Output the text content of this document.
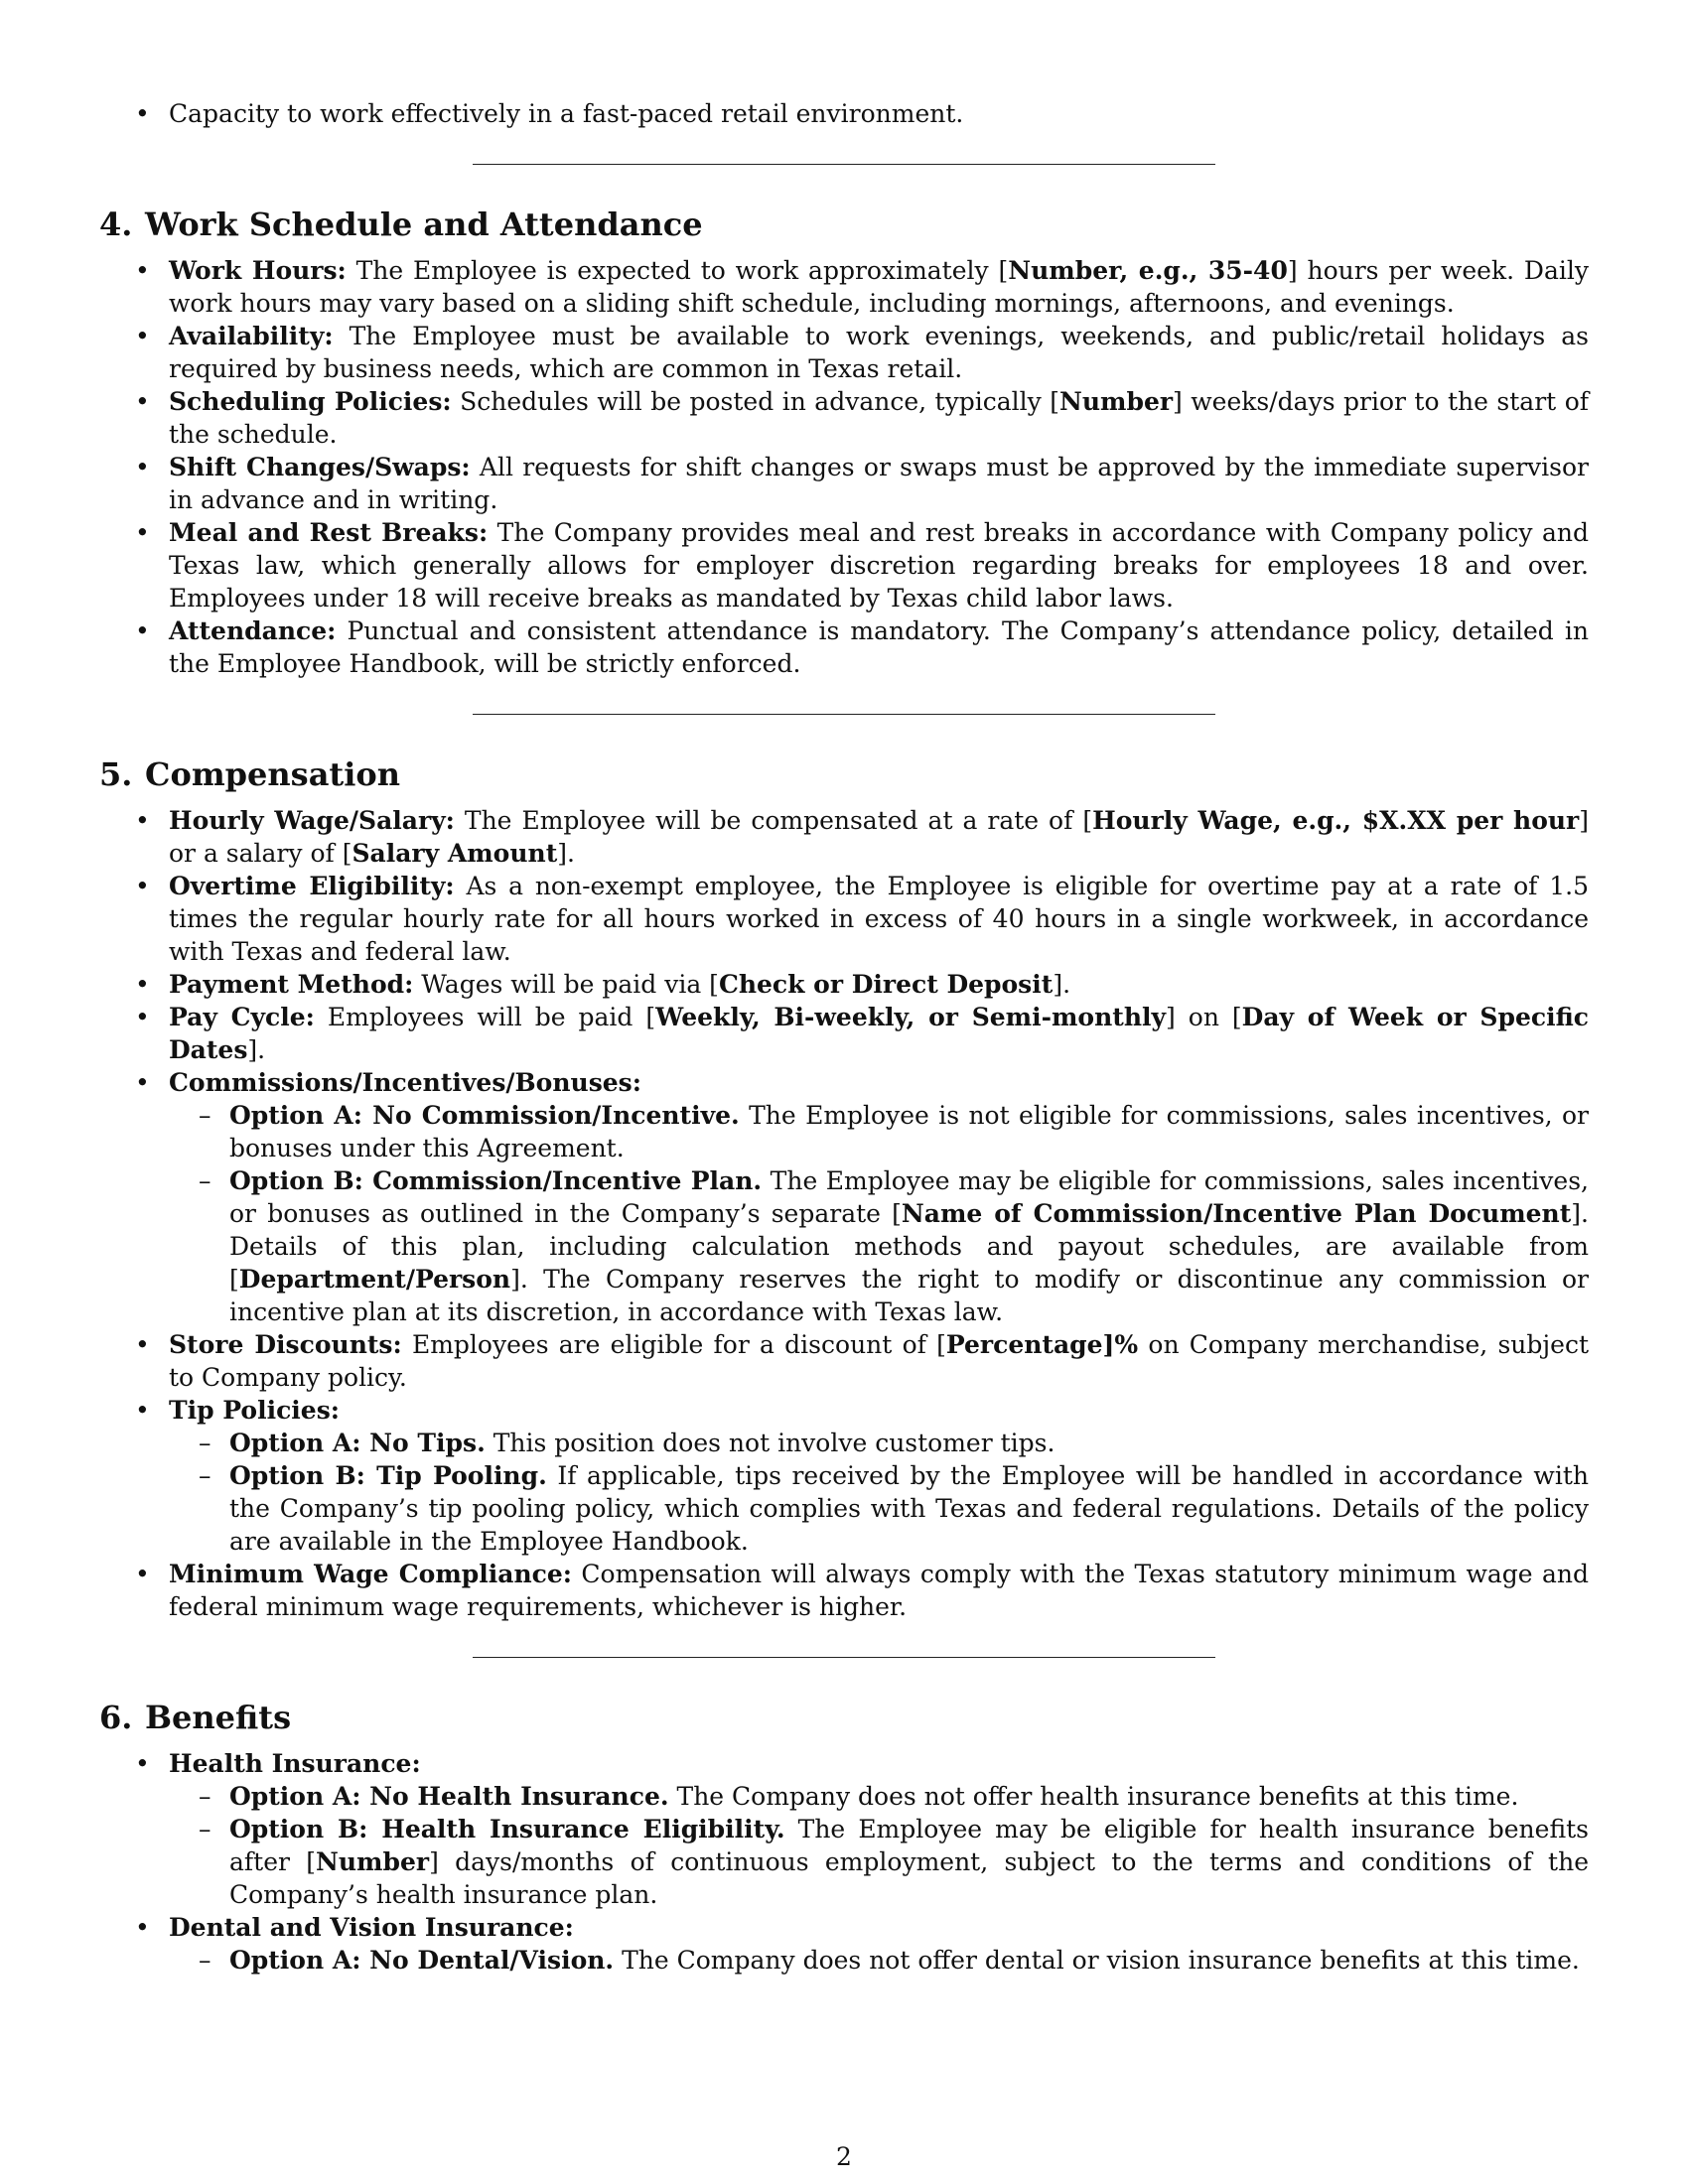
• Capacity to work effectively in a fast-paced retail environment.
4. Work Schedule and Attendance
• Work Hours: The Employee is expected to work approximately [Number, e.g., 35-40] hours per week. Daily work hours may vary based on a sliding shift schedule, including mornings, afternoons, and evenings.
• Availability: The Employee must be available to work evenings, weekends, and public/retail holidays as required by business needs, which are common in Texas retail.
• Scheduling Policies: Schedules will be posted in advance, typically [Number] weeks/days prior to the start of the schedule.
• Shift Changes/Swaps: All requests for shift changes or swaps must be approved by the immediate supervisor in advance and in writing.
• Meal and Rest Breaks: The Company provides meal and rest breaks in accordance with Company policy and Texas law, which generally allows for employer discretion regarding breaks for employees 18 and over. Employees under 18 will receive breaks as mandated by Texas child labor laws.
• Attendance: Punctual and consistent attendance is mandatory. The Company’s attendance policy, detailed in the Employee Handbook, will be strictly enforced.
5. Compensation
• Hourly Wage/Salary: The Employee will be compensated at a rate of [Hourly Wage, e.g., $X.XX per hour] or a salary of [Salary Amount].
• Overtime Eligibility: As a non-exempt employee, the Employee is eligible for overtime pay at a rate of 1.5 times the regular hourly rate for all hours worked in excess of 40 hours in a single workweek, in accordance with Texas and federal law.
• Payment Method: Wages will be paid via [Check or Direct Deposit].
• Pay Cycle: Employees will be paid [Weekly, Bi-weekly, or Semi-monthly] on [Day of Week or Specific Dates].
• Commissions/Incentives/Bonuses:
– Option A: No Commission/Incentive. The Employee is not eligible for commissions, sales incentives, or bonuses under this Agreement.
– Option B: Commission/Incentive Plan. The Employee may be eligible for commissions, sales incentives, or bonuses as outlined in the Company’s separate [Name of Commission/Incentive Plan Document]. Details of this plan, including calculation methods and payout schedules, are available from [Department/Person]. The Company reserves the right to modify or discontinue any commission or incentive plan at its discretion, in accordance with Texas law.
• Store Discounts: Employees are eligible for a discount of [Percentage]% on Company merchandise, subject to Company policy.
• Tip Policies:
– Option A: No Tips. This position does not involve customer tips.
– Option B: Tip Pooling. If applicable, tips received by the Employee will be handled in accordance with the Company’s tip pooling policy, which complies with Texas and federal regulations. Details of the policy are available in the Employee Handbook.
• Minimum Wage Compliance: Compensation will always comply with the Texas statutory minimum wage and federal minimum wage requirements, whichever is higher.
6. Benefits
• Health Insurance:
– Option A: No Health Insurance. The Company does not offer health insurance benefits at this time.
– Option B: Health Insurance Eligibility. The Employee may be eligible for health insurance benefits after [Number] days/months of continuous employment, subject to the terms and conditions of the Company’s health insurance plan.
• Dental and Vision Insurance:
– Option A: No Dental/Vision. The Company does not offer dental or vision insurance benefits at this time.
2
